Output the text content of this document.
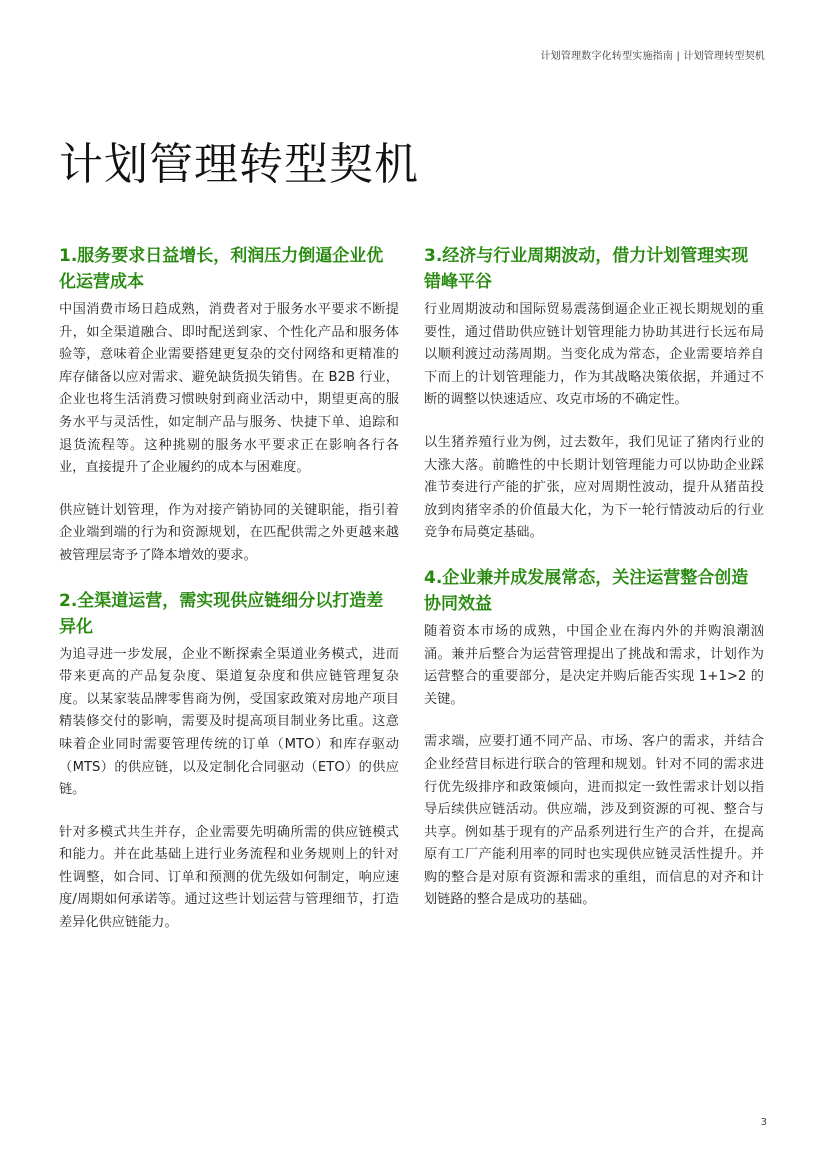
计划管理数字化转型实施指南 | 计划管理转型契机
计划管理转型契机
1.服务要求日益增长，利润压力倒逼企业优化运营成本

中国消费市场日趋成熟，消费者对于服务水平要求不断提升，如全渠道融合、即时配送到家、个性化产品和服务体验等，意味着企业需要搭建更复杂的交付网络和更精准的库存储备以应对需求、避免缺货损失销售。在 B2B 行业，企业也将生活消费习惯映射到商业活动中，期望更高的服务水平与灵活性，如定制产品与服务、快捷下单、追踪和退货流程等。这种挑剔的服务水平要求正在影响各行各业，直接提升了企业履约的成本与困难度。

供应链计划管理，作为对接产销协同的关键职能，指引着企业端到端的行为和资源规划，在匹配供需之外更越来越被管理层寄予了降本增效的要求。

2.全渠道运营，需实现供应链细分以打造差异化

为追寻进一步发展，企业不断探索全渠道业务模式，进而带来更高的产品复杂度、渠道复杂度和供应链管理复杂度。以某家装品牌零售商为例，受国家政策对房地产项目精装修交付的影响，需要及时提高项目制业务比重。这意味着企业同时需要管理传统的订单（MTO）和库存驱动（MTS）的供应链，以及定制化合同驱动（ETO）的供应链。

针对多模式共生并存，企业需要先明确所需的供应链模式和能力。并在此基础上进行业务流程和业务规则上的针对性调整，如合同、订单和预测的优先级如何制定，响应速度/周期如何承诺等。通过这些计划运营与管理细节，打造差异化供应链能力。

3.经济与行业周期波动，借力计划管理实现错峰平谷

行业周期波动和国际贸易震荡倒逼企业正视长期规划的重要性，通过借助供应链计划管理能力协助其进行长远布局以顺利渡过动荡周期。当变化成为常态，企业需要培养自下而上的计划管理能力，作为其战略决策依据，并通过不断的调整以快速适应、攻克市场的不确定性。

以生猪养殖行业为例，过去数年，我们见证了猪肉行业的大涨大落。前瞻性的中长期计划管理能力可以协助企业踩准节奏进行产能的扩张，应对周期性波动，提升从猪苗投放到肉猪宰杀的价值最大化，为下一轮行情波动后的行业竞争布局奠定基础。

4.企业兼并成发展常态，关注运营整合创造协同效益

随着资本市场的成熟，中国企业在海内外的并购浪潮汹涌。兼并后整合为运营管理提出了挑战和需求，计划作为运营整合的重要部分，是决定并购后能否实现 1+1>2 的关键。

需求端，应要打通不同产品、市场、客户的需求，并结合企业经营目标进行联合的管理和规划。针对不同的需求进行优先级排序和政策倾向，进而拟定一致性需求计划以指导后续供应链活动。供应端，涉及到资源的可视、整合与共享。例如基于现有的产品系列进行生产的合并，在提高原有工厂产能利用率的同时也实现供应链灵活性提升。并购的整合是对原有资源和需求的重组，而信息的对齐和计划链路的整合是成功的基础。

3
